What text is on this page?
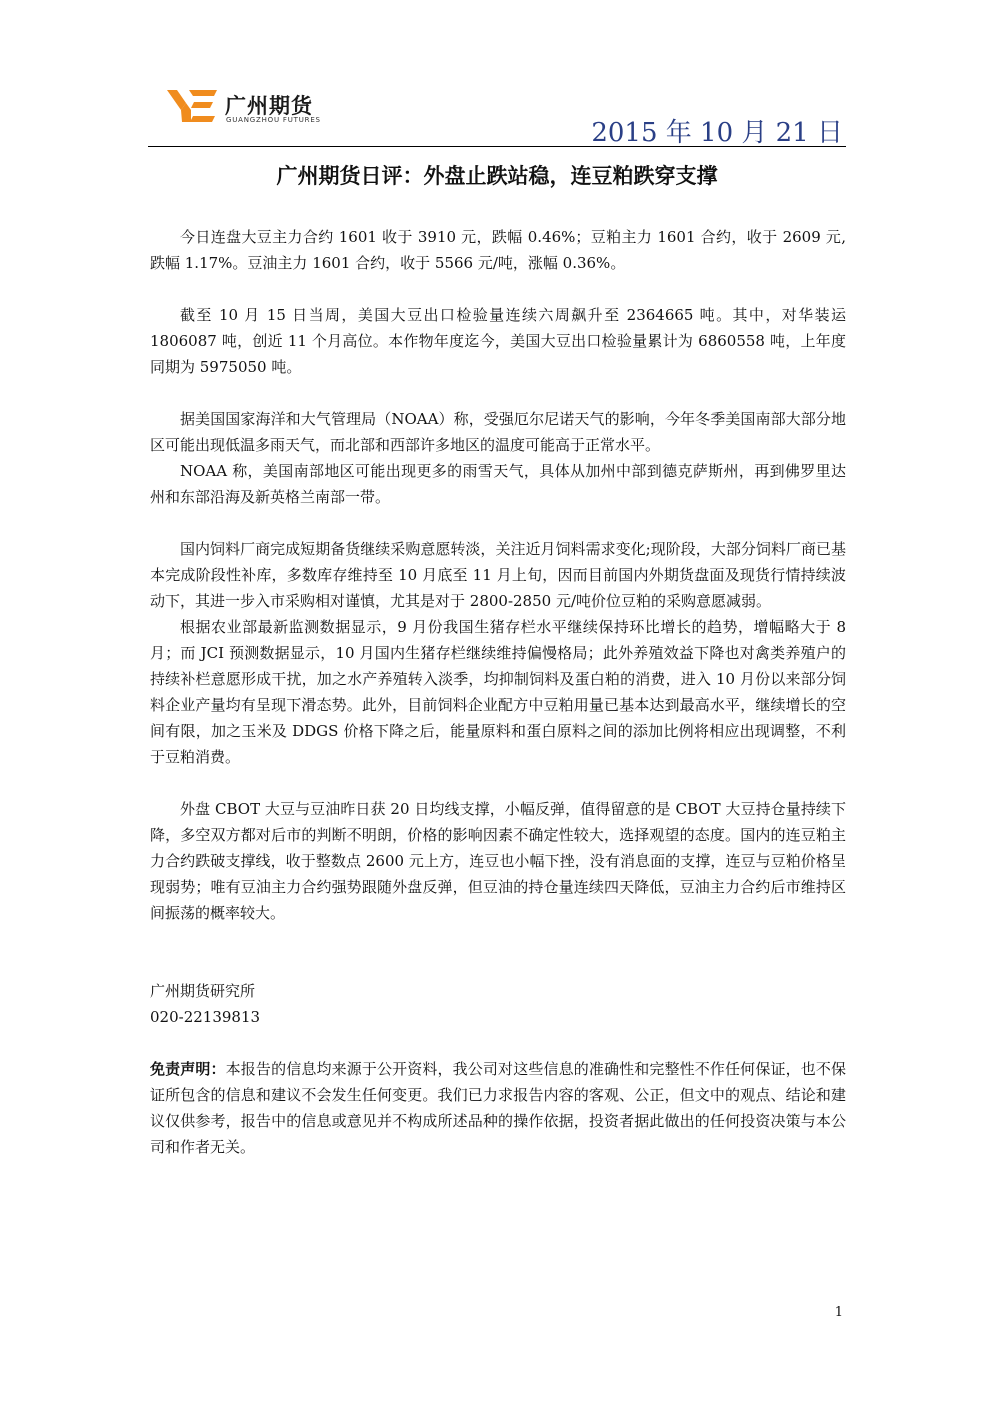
广州期货
GUANGZHOU FUTURES	2015 年 10 月 21 日
广州期货日评：外盘止跌站稳，连豆粕跌穿支撑

今日连盘大豆主力合约 1601 收于 3910 元，跌幅 0.46%；豆粕主力 1601 合约，收于 2609 元,跌幅 1.17%。豆油主力 1601 合约，收于 5566 元/吨，涨幅 0.36%。

截至 10 月 15 日当周，美国大豆出口检验量连续六周飙升至 2364665 吨。其中，对华装运 1806087 吨，创近 11 个月高位。本作物年度迄今，美国大豆出口检验量累计为 6860558 吨，上年度同期为 5975050 吨。

据美国国家海洋和大气管理局（NOAA）称，受强厄尔尼诺天气的影响，今年冬季美国南部大部分地区可能出现低温多雨天气，而北部和西部许多地区的温度可能高于正常水平。

NOAA 称，美国南部地区可能出现更多的雨雪天气，具体从加州中部到德克萨斯州，再到佛罗里达州和东部沿海及新英格兰南部一带。

国内饲料厂商完成短期备货继续采购意愿转淡，关注近月饲料需求变化;现阶段，大部分饲料厂商已基本完成阶段性补库，多数库存维持至 10 月底至 11 月上旬，因而目前国内外期货盘面及现货行情持续波动下，其进一步入市采购相对谨慎，尤其是对于 2800-2850 元/吨价位豆粕的采购意愿减弱。

根据农业部最新监测数据显示，9 月份我国生猪存栏水平继续保持环比增长的趋势，增幅略大于 8 月；而 JCI 预测数据显示，10 月国内生猪存栏继续维持偏慢格局；此外养殖效益下降也对禽类养殖户的持续补栏意愿形成干扰，加之水产养殖转入淡季，均抑制饲料及蛋白粕的消费，进入 10 月份以来部分饲料企业产量均有呈现下滑态势。此外，目前饲料企业配方中豆粕用量已基本达到最高水平，继续增长的空间有限，加之玉米及 DDGS 价格下降之后，能量原料和蛋白原料之间的添加比例将相应出现调整，不利于豆粕消费。

外盘 CBOT 大豆与豆油昨日获 20 日均线支撑，小幅反弹，值得留意的是 CBOT 大豆持仓量持续下降，多空双方都对后市的判断不明朗，价格的影响因素不确定性较大，选择观望的态度。国内的连豆粕主力合约跌破支撑线，收于整数点 2600 元上方，连豆也小幅下挫，没有消息面的支撑，连豆与豆粕价格呈现弱势；唯有豆油主力合约强势跟随外盘反弹，但豆油的持仓量连续四天降低，豆油主力合约后市维持区间振荡的概率较大。

广州期货研究所

020-22139813

免责声明：本报告的信息均来源于公开资料，我公司对这些信息的准确性和完整性不作任何保证，也不保证所包含的信息和建议不会发生任何变更。我们已力求报告内容的客观、公正，但文中的观点、结论和建议仅供参考，报告中的信息或意见并不构成所述品种的操作依据，投资者据此做出的任何投资决策与本公司和作者无关。

1
